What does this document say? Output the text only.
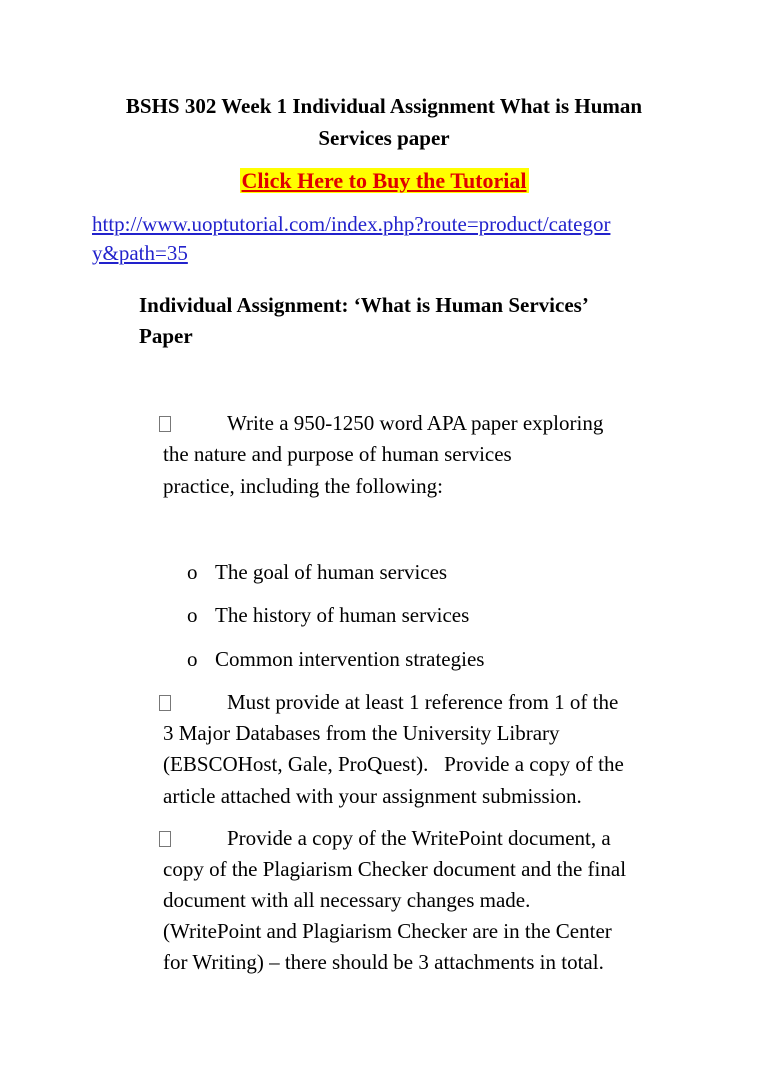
BSHS 302 Week 1 Individual Assignment What is Human
Services paper
Click Here to Buy the Tutorial
http://www.uoptutorial.com/index.php?route=product/categor
y&path=35
Individual Assignment: ‘What is Human Services’
Paper
Write a 950-1250 word APA paper exploring
the nature and purpose of human services
practice, including the following:
o The goal of human services
o The history of human services
o Common intervention strategies
Must provide at least 1 reference from 1 of the
3 Major Databases from the University Library
(EBSCOHost, Gale, ProQuest).   Provide a copy of the
article attached with your assignment submission.
Provide a copy of the WritePoint document, a
copy of the Plagiarism Checker document and the final
document with all necessary changes made.
(WritePoint and Plagiarism Checker are in the Center
for Writing) – there should be 3 attachments in total.
